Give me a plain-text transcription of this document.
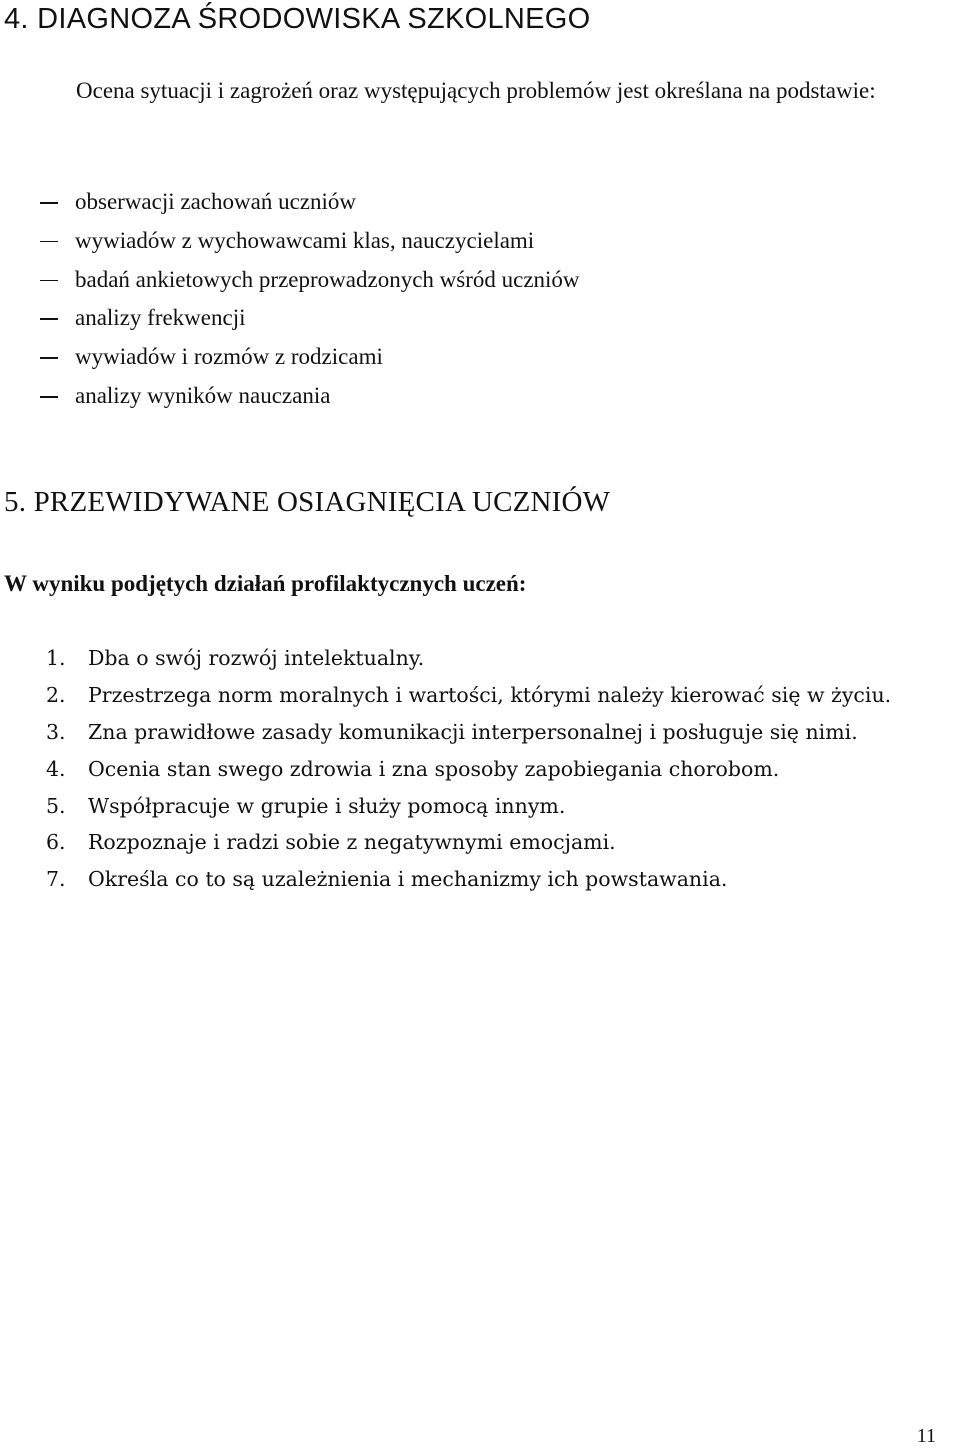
4. DIAGNOZA ŚRODOWISKA SZKOLNEGO

Ocena sytuacji i zagrożeń oraz występujących problemów jest określana na podstawie:

obserwacji zachowań uczniów
wywiadów z wychowawcami klas, nauczycielami
badań ankietowych przeprowadzonych wśród uczniów
analizy frekwencji
wywiadów i rozmów z rodzicami
analizy wyników nauczania
5. PRZEWIDYWANE OSIAGNIĘCIA UCZNIÓW

W wyniku podjętych działań profilaktycznych uczeń:

1. Dba o swój rozwój intelektualny.
2. Przestrzega norm moralnych i wartości, którymi należy kierować się w życiu.
3. Zna prawidłowe zasady komunikacji interpersonalnej i posługuje się nimi.
4. Ocenia stan swego zdrowia i zna sposoby zapobiegania chorobom.
5. Współpracuje w grupie i służy pomocą innym.
6. Rozpoznaje i radzi sobie z negatywnymi emocjami.
7. Określa co to są uzależnienia i mechanizmy ich powstawania.

11
